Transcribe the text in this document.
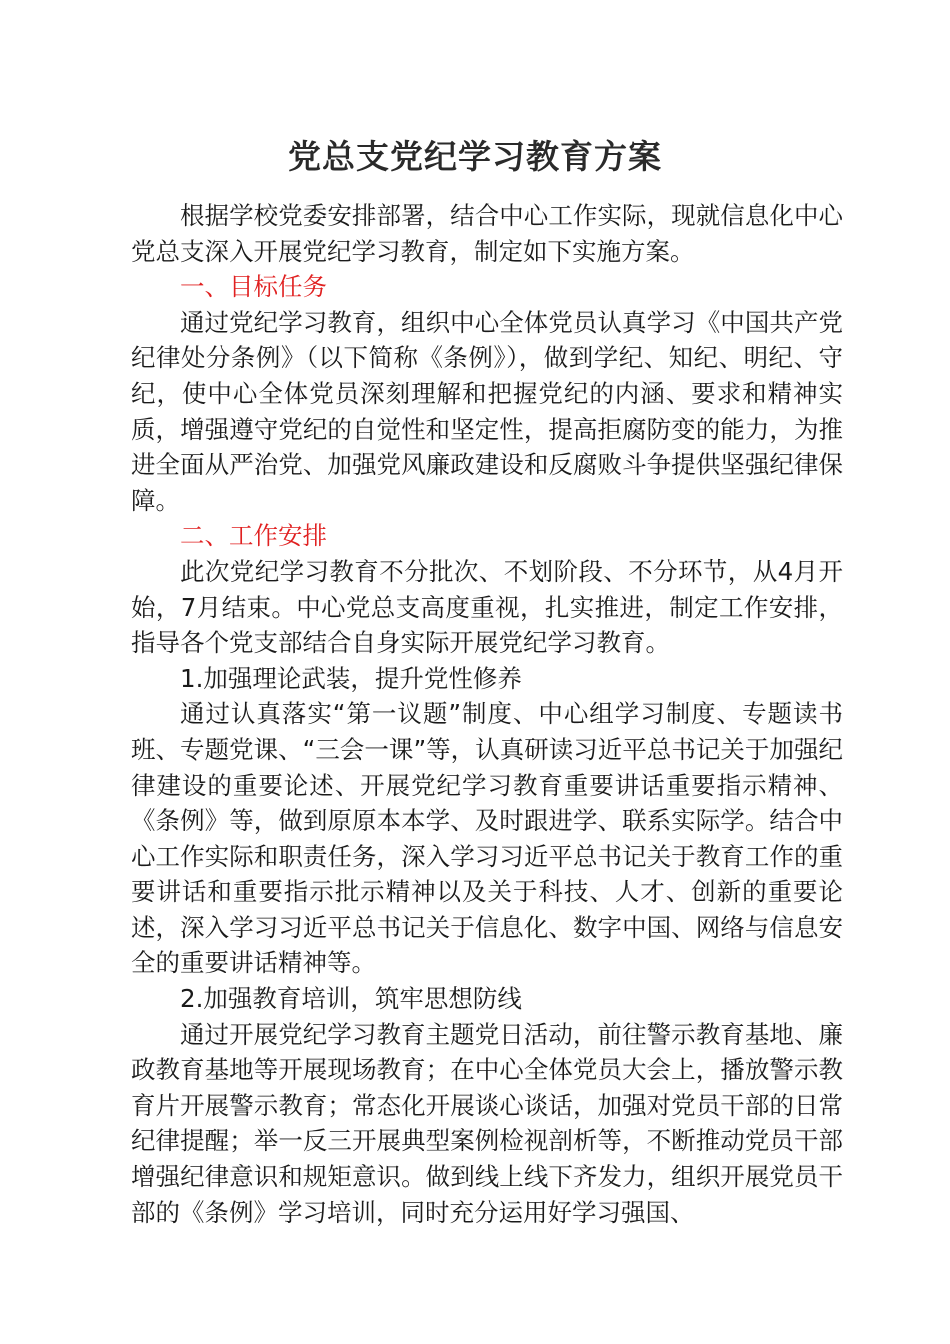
党总支党纪学习教育方案

根据学校党委安排部署，结合中心工作实际，现就信息化中心党总支深入开展党纪学习教育，制定如下实施方案。

一、目标任务

通过党纪学习教育，组织中心全体党员认真学习《中国共产党纪律处分条例》（以下简称《条例》），做到学纪、知纪、明纪、守纪，使中心全体党员深刻理解和把握党纪的内涵、要求和精神实质，增强遵守党纪的自觉性和坚定性，提高拒腐防变的能力，为推进全面从严治党、加强党风廉政建设和反腐败斗争提供坚强纪律保障。

二、工作安排

此次党纪学习教育不分批次、不划阶段、不分环节，从4月开始，7月结束。中心党总支高度重视，扎实推进，制定工作安排，指导各个党支部结合自身实际开展党纪学习教育。

1.加强理论武装，提升党性修养

通过认真落实“第一议题”制度、中心组学习制度、专题读书班、专题党课、“三会一课”等，认真研读习近平总书记关于加强纪律建设的重要论述、开展党纪学习教育重要讲话重要指示精神、《条例》等，做到原原本本学、及时跟进学、联系实际学。结合中心工作实际和职责任务，深入学习习近平总书记关于教育工作的重要讲话和重要指示批示精神以及关于科技、人才、创新的重要论述，深入学习习近平总书记关于信息化、数字中国、网络与信息安全的重要讲话精神等。

2.加强教育培训，筑牢思想防线

通过开展党纪学习教育主题党日活动，前往警示教育基地、廉政教育基地等开展现场教育；在中心全体党员大会上，播放警示教育片开展警示教育；常态化开展谈心谈话，加强对党员干部的日常纪律提醒；举一反三开展典型案例检视剖析等，不断推动党员干部增强纪律意识和规矩意识。做到线上线下齐发力，组织开展党员干部的《条例》学习培训，同时充分运用好学习强国、
